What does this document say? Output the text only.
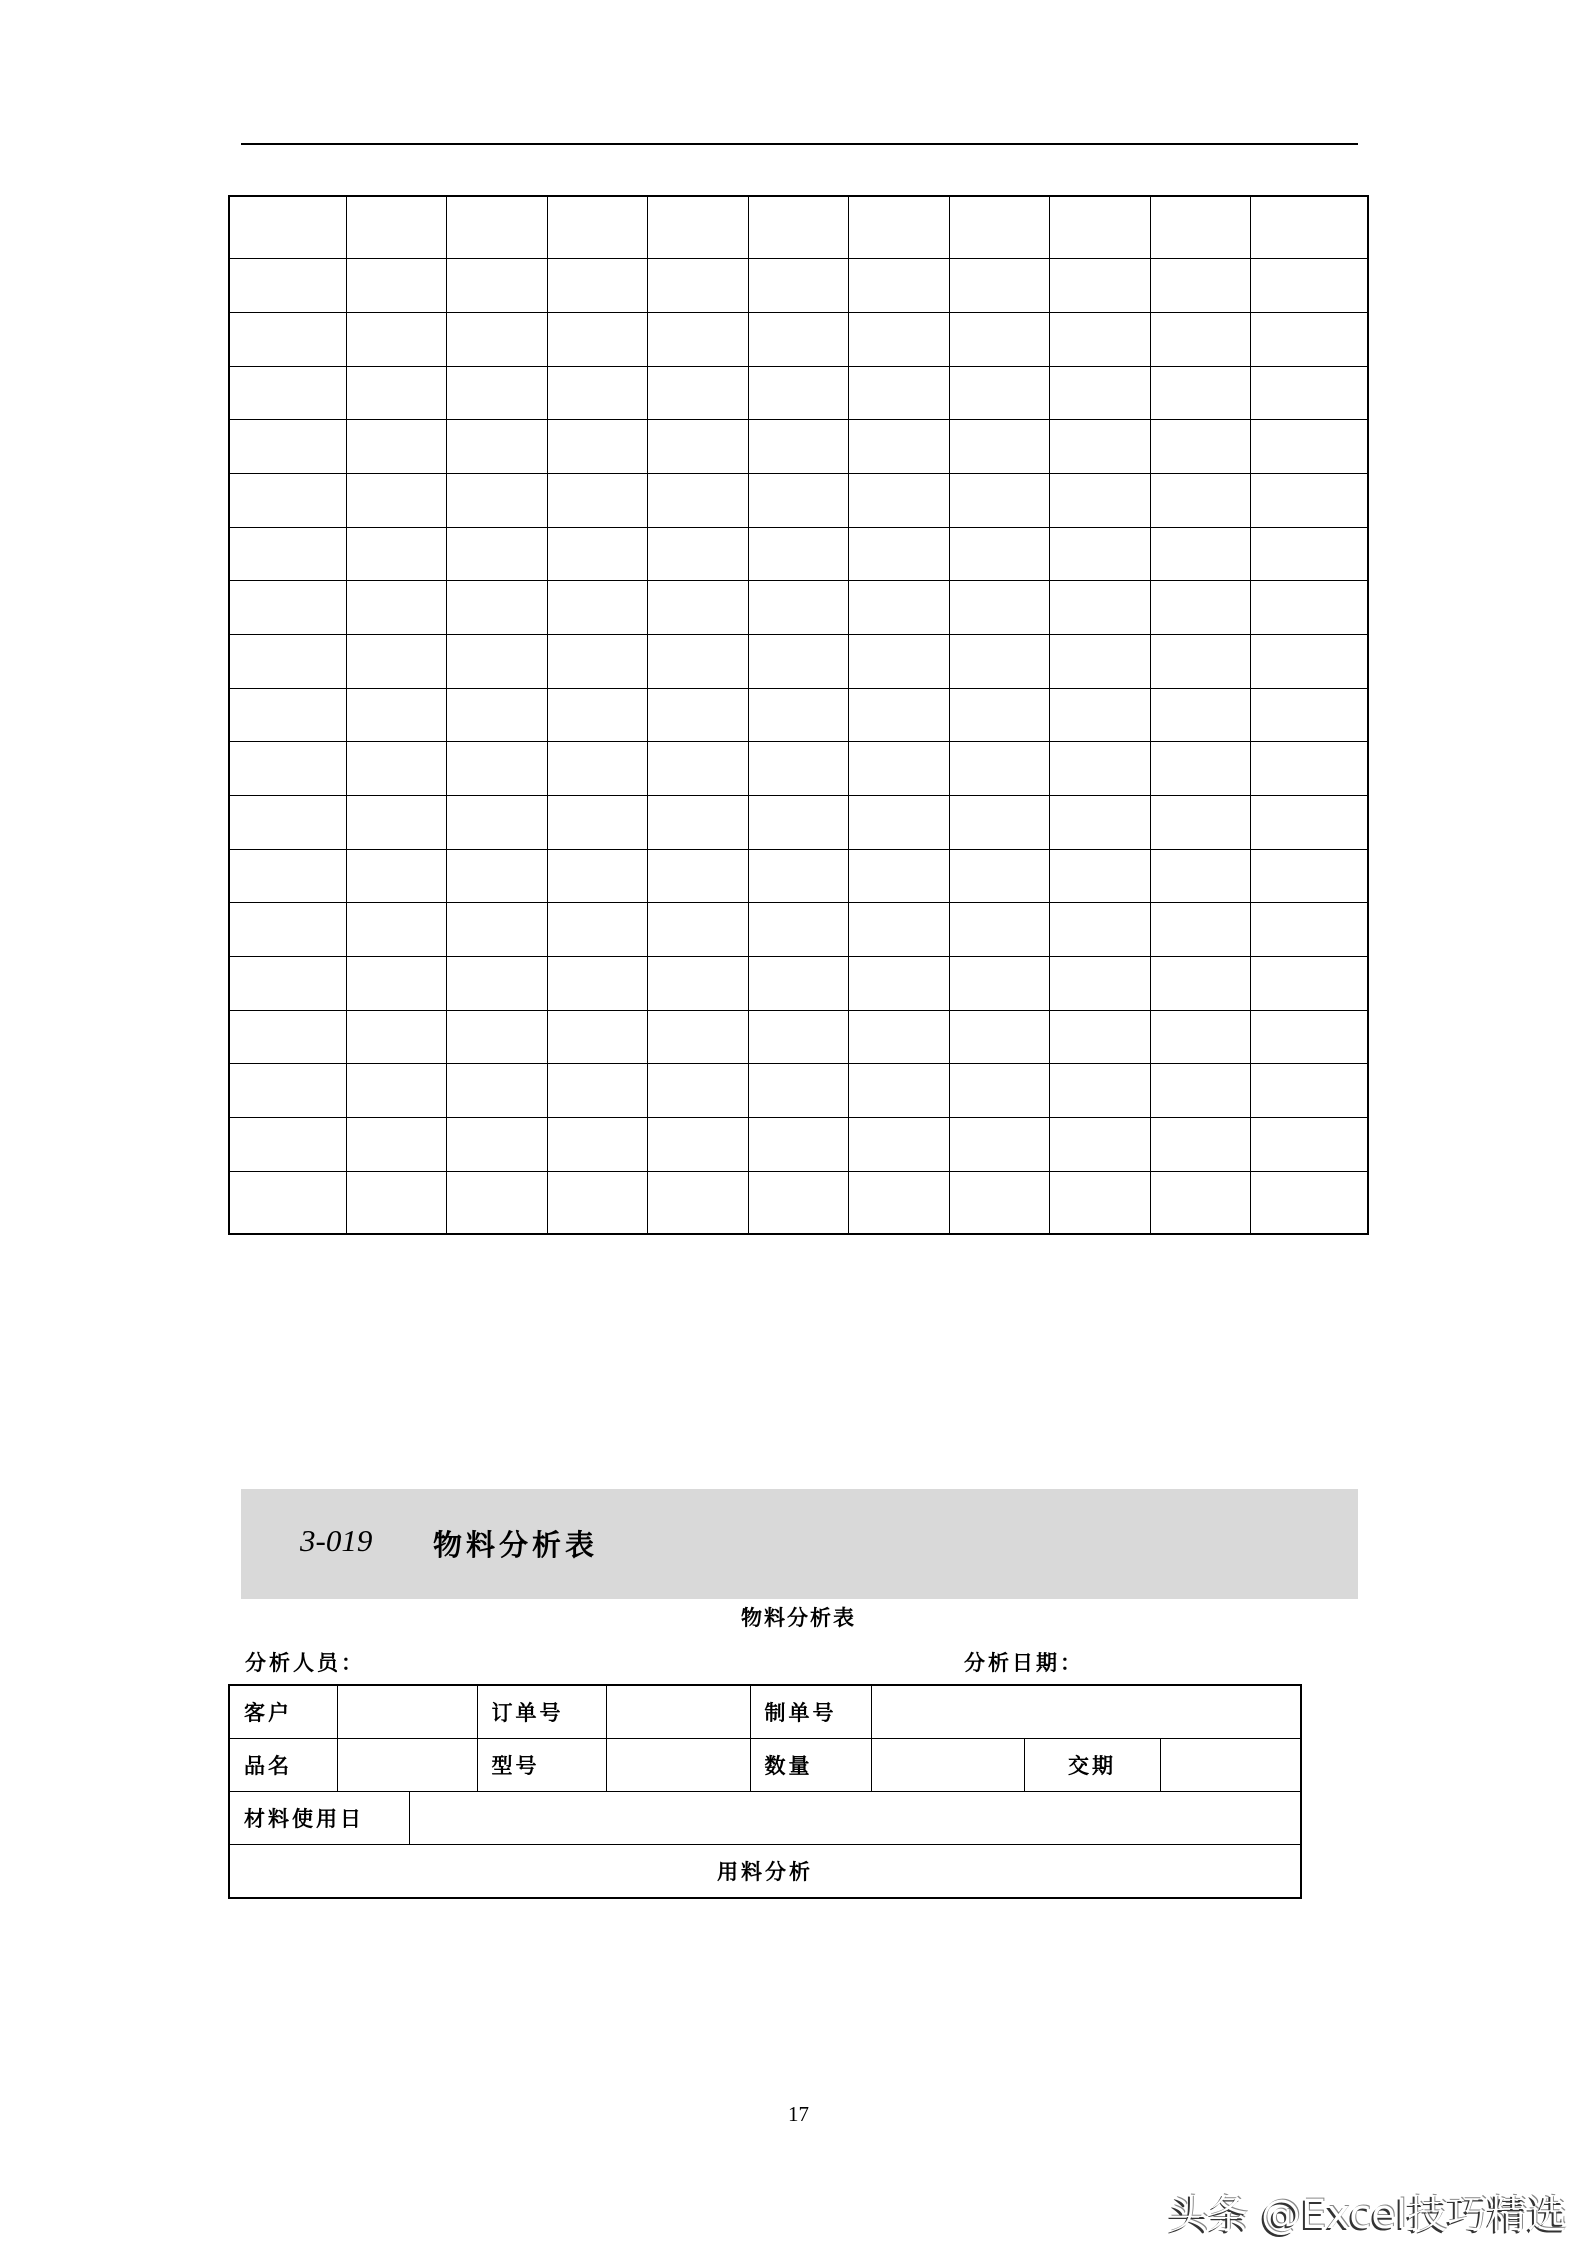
3-019 物料分析表
物料分析表
分析人员：	分析日期：
客户			订单号		制单号			
品名			型号		数量		交期	
材料使用日								
用料分析								
17
头条 @Excel技巧精选
